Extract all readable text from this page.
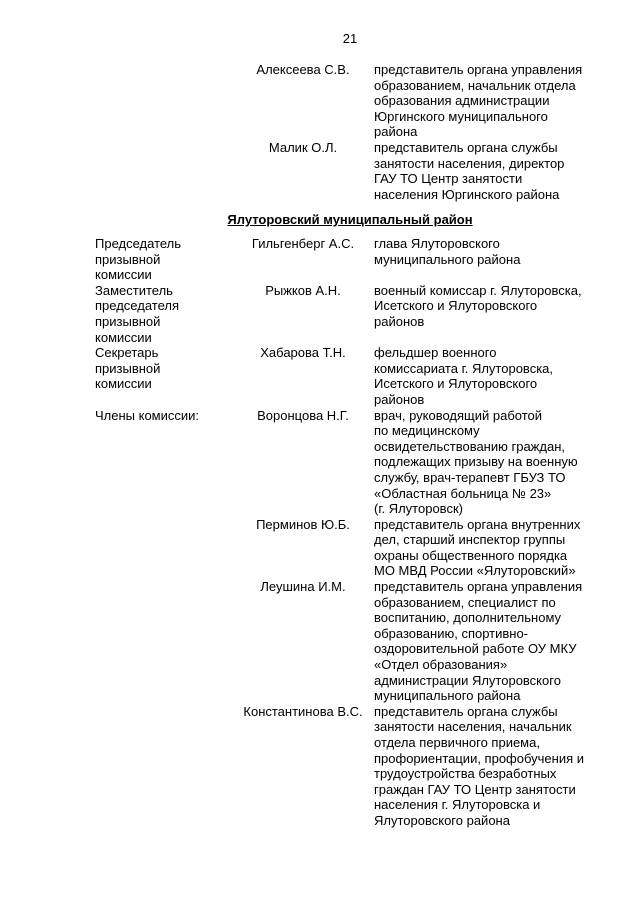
21
Алексеева С.В.	представитель органа управления
образованием, начальник отдела
образования администрации
Юргинского муниципального
района
Малик О.Л.	представитель органа службы
занятости населения, директор
ГАУ ТО Центр занятости
населения Юргинского района
Ялуторовский муниципальный район
Председатель
призывной
комиссии
Гильгенберг А.С.	глава Ялуторовского
муниципального района
Заместитель
председателя
призывной
комиссии
Рыжков А.Н.	военный комиссар г. Ялуторовска,
Исетского и Ялуторовского
районов
Секретарь
призывной
комиссии
Хабарова Т.Н.	фельдшер военного
комиссариата г. Ялуторовска,
Исетского и Ялуторовского
районов
Члены комиссии:	Воронцова Н.Г.	врач, руководящий работой
по медицинскому
освидетельствованию граждан,
подлежащих призыву на военную
службу, врач-терапевт ГБУЗ ТО
«Областная больница № 23»
(г. Ялуторовск)
Перминов Ю.Б.	представитель органа внутренних
дел, старший инспектор группы
охраны общественного порядка
МО МВД России «Ялуторовский»
Леушина И.М.	представитель органа управления
образованием, специалист по
воспитанию, дополнительному
образованию, спортивно-
оздоровительной работе ОУ МКУ
«Отдел образования»
администрации Ялуторовского
муниципального района
Константинова В.С. представитель органа службы
занятости населения, начальник
отдела первичного приема,
профориентации, профобучения и
трудоустройства безработных
граждан ГАУ ТО Центр занятости
населения г. Ялуторовска и
Ялуторовского района
